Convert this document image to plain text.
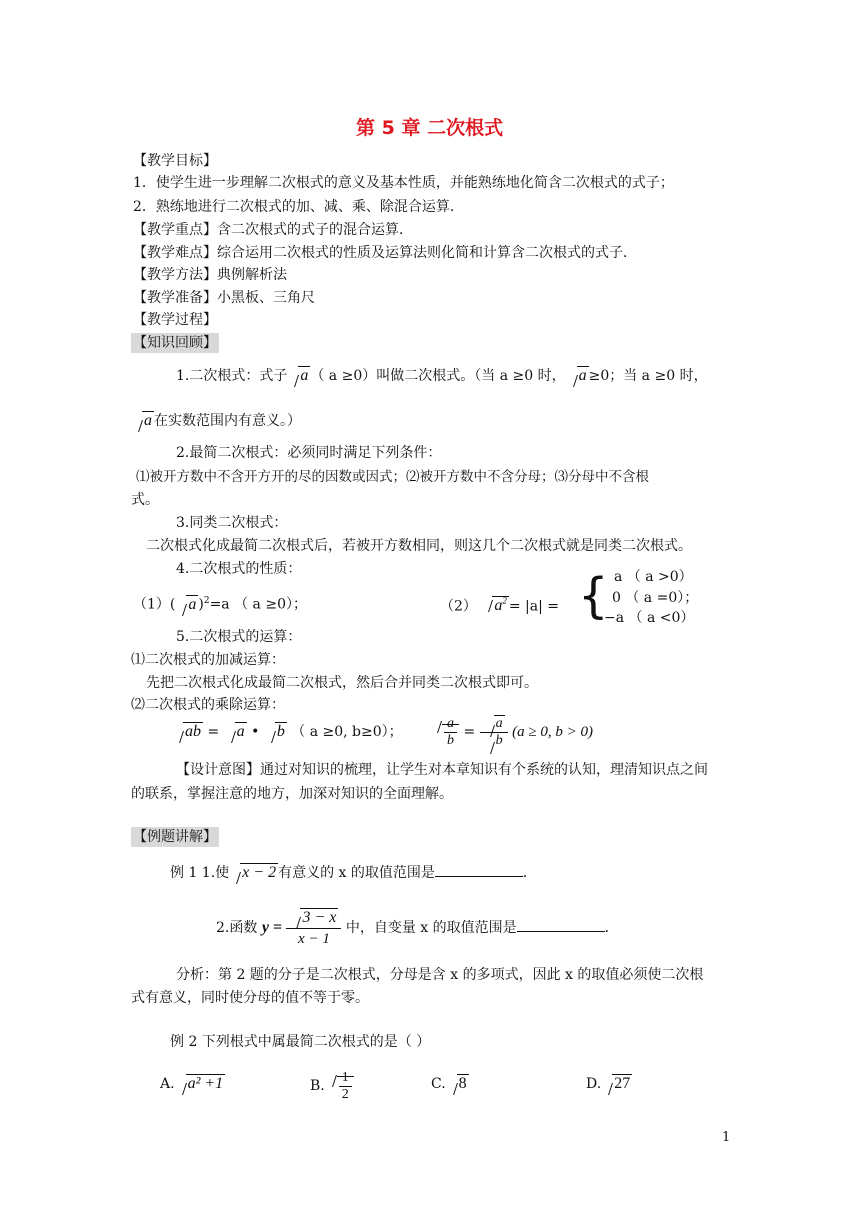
第 5 章 二次根式
【教学目标】
1．使学生进一步理解二次根式的意义及基本性质，并能熟练地化简含二次根式的式子；
2．熟练地进行二次根式的加、减、乘、除混合运算．
【教学重点】含二次根式的式子的混合运算．
【教学难点】综合运用二次根式的性质及运算法则化简和计算含二次根式的式子．
【教学方法】典例解析法
【教学准备】小黑板、三角尺
【教学过程】
【知识回顾】
1.二次根式：式子 a （ a ≥0）叫做二次根式。（当 a ≥0 时， a ≥0；当 a ≥0 时，
a 在实数范围内有意义。）
2.最简二次根式：必须同时满足下列条件：
⑴被开方数中不含开方开的尽的因数或因式；⑵被开方数中不含分母；⑶分母中不含根
式。
3.同类二次根式：
二次根式化成最简二次根式后，若被开方数相同，则这几个二次根式就是同类二次根式。
4.二次根式的性质：
（1）( a )$^2$=a （ a ≥0）；	（2） $a^2 = |a|$ = { a （ a >0）
0 （ a =0）；
−a （ a <0）
5.二次根式的运算：
⑴二次根式的加减运算：
先把二次根式化成最简二次根式，然后合并同类二次根式即可。
⑵二次根式的乘除运算：
ab = a • b （ a ≥0, b≥0）；	$\frac{a}{b} = \frac{a}{b} (a \ge 0$, b > 0)
【设计意图】通过对知识的梳理，让学生对本章知识有个系统的认知，理清知识点之间
的联系，掌握注意的地方，加深对知识的全面理解。
【例题讲解】
例 1 1.使 x − 2 有意义的 x 的取值范围是	．
2.函数 $y = \frac{3 - x}{x - 1}$ 中，自变量 x 的取值范围是	．
分析：第 2 题的分子是二次根式，分母是含 x 的多项式，因此 x 的取值必须使二次根
式有意义，同时使分母的值不等于零。
例 2 下列根式中属最简二次根式的是（ ）
A. a² +1	B. $\frac{1}{2}$	C. 8	D. 27
1
